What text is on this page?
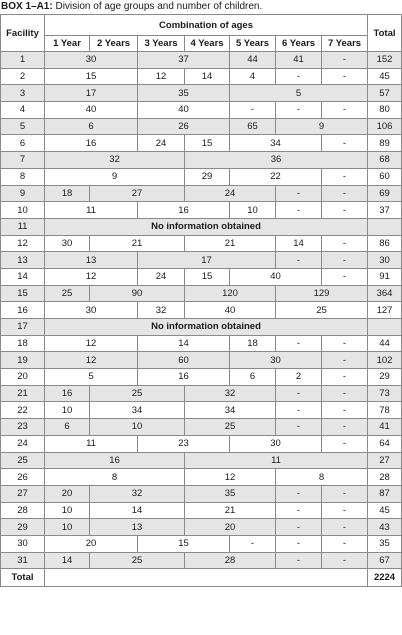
BOX 1–A1: Division of age groups and number of children.
Facility	Combination of ages							Total
	1 Year	2 Years	3 Years	4 Years	5 Years	6 Years	7 Years	
1	30		37		44	41	-	152
2	15		12	14	4	-	-	45
3	17		35		5			57
4	40		40		-	-	-	80
5	6		26		65	9		106
6	16		24	15	34		-	89
7	32			36				68
8	9			29	22		-	60
9	18	27		24		-	-	69
10	11		16		10	-	-	37
11	No information obtained							
12	30	21		21		14	-	86
13	13		17			-	-	30
14	12		24	15	40		-	91
15	25	90		120		129		364
16	30		32	40		25		127
17	No information obtained							
18	12		14		18	-	-	44
19	12		60		30		-	102
20	5		16		6	2	-	29
21	16	25		32		-	-	73
22	10	34		34		-	-	78
23	6	10		25		-	-	41
24	11		23		30		-	64
25	16			11				27
26	8			12		8		28
27	20	32		35		-	-	87
28	10	14		21		-	-	45
29	10	13		20		-	-	43
30	20		15		-	-	-	35
31	14	25		28		-	-	67
Total								2224
